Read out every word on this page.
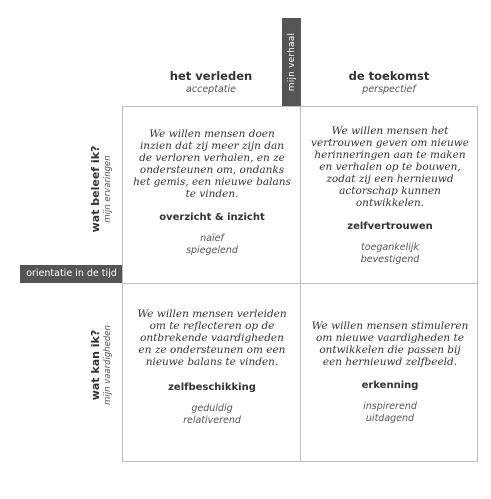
mijn verhaal
orientatie in de tijd
het verleden
acceptatie
de toekomst
perspectief
wat beleef ik? mijn ervaringen
wat kan ik? mijn vaardigheden
We willen mensen doen inzien dat zij meer zijn dan de verloren verhalen, en ze ondersteunen om, ondanks het gemis, een nieuwe balans te vinden.
overzicht & inzicht
naïef
spiegelend
We willen mensen het vertrouwen geven om nieuwe herinneringen aan te maken en verhalen op te bouwen, zodat zij een hernieuwd actorschap kunnen ontwikkelen.
zelfvertrouwen
toegankelijk
bevestigend
We willen mensen verleiden om te reflecteren op de ontbrekende vaardigheden en ze ondersteunen om een nieuwe balans te vinden.
zelfbeschikking
geduldig
relativerend
We willen mensen stimuleren om nieuwe vaardigheden te ontwikkelen die passen bij een hernieuwd zelfbeeld.
erkenning
inspirerend
uitdagend
